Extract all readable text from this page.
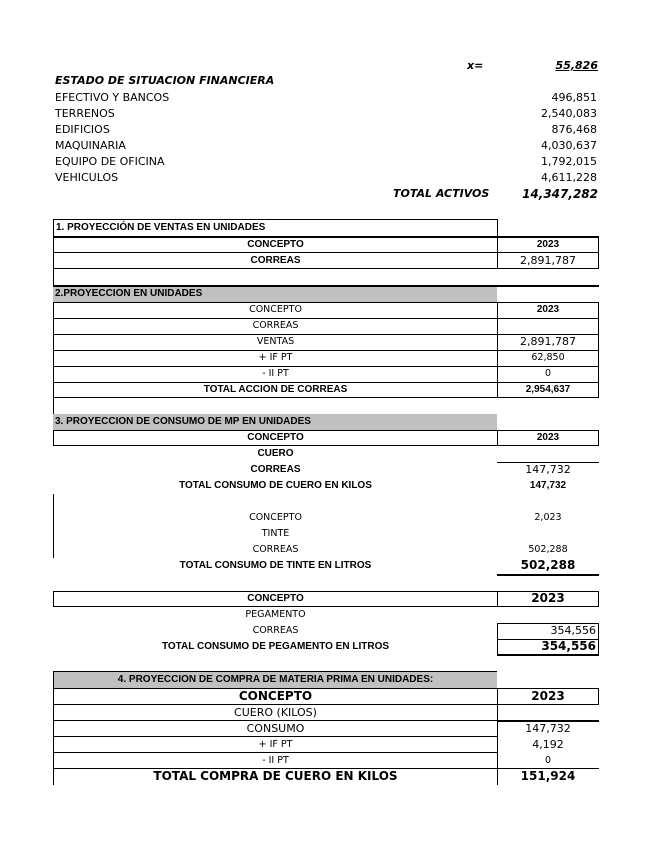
x=	55,826
ESTADO DE SITUACION FINANCIERA
EFECTIVO Y BANCOS	496,851
TERRENOS	2,540,083
EDIFICIOS	876,468
MAQUINARIA	4,030,637
EQUIPO DE OFICINA	1,792,015
VEHICULOS	4,611,228
TOTAL ACTIVOS	14,347,282
1. PROYECCIÓN DE VENTAS EN UNIDADES
CONCEPTO	2023
CORREAS	2,891,787
2.PROYECCION EN UNIDADES
CONCEPTO	2023
CORREAS
VENTAS	2,891,787
+ IF PT	62,850
- II PT	0
TOTAL ACCION DE CORREAS	2,954,637
3. PROYECCION DE CONSUMO DE MP EN UNIDADES
CONCEPTO	2023
CUERO
CORREAS	147,732
TOTAL CONSUMO DE CUERO EN KILOS	147,732
CONCEPTO	2,023
TINTE
CORREAS	502,288
TOTAL CONSUMO DE TINTE EN LITROS	502,288
CONCEPTO	2023
PEGAMENTO
CORREAS	354,556
TOTAL CONSUMO DE PEGAMENTO EN LITROS	354,556
4. PROYECCION DE COMPRA DE MATERIA PRIMA EN UNIDADES:
CONCEPTO	2023
CUERO (KILOS)
CONSUMO	147,732
+ IF PT	4,192
- II PT	0
TOTAL COMPRA DE CUERO EN KILOS	151,924
